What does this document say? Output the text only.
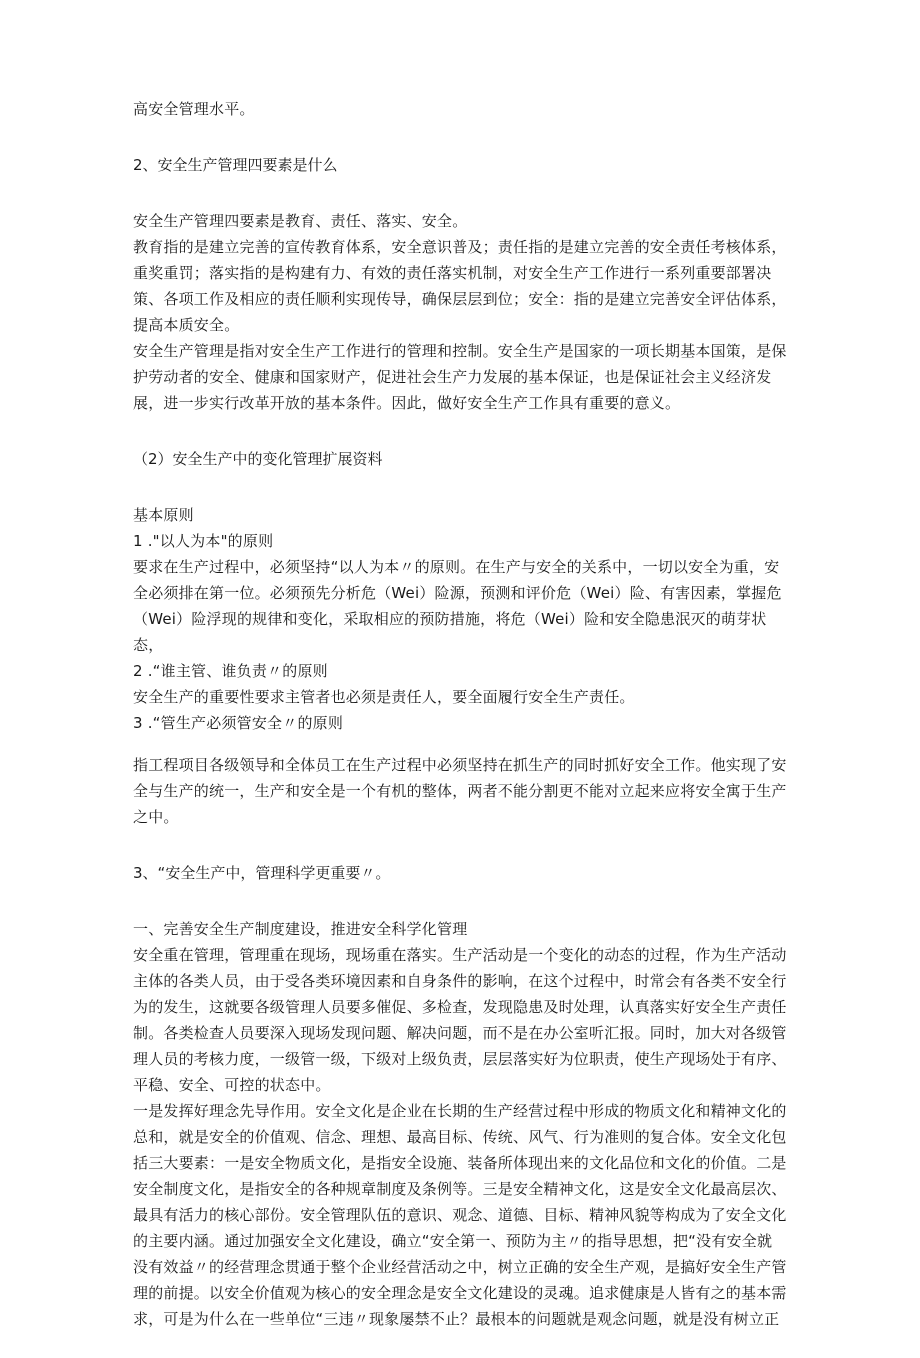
高安全管理水平。
2、安全生产管理四要素是什么
安全生产管理四要素是教育、责任、落实、安全。
教育指的是建立完善的宣传教育体系，安全意识普及；责任指的是建立完善的安全责任考核体系，
重奖重罚；落实指的是构建有力、有效的责任落实机制，对安全生产工作进行一系列重要部署决
策、各项工作及相应的责任顺利实现传导，确保层层到位；安全：指的是建立完善安全评估体系，
提高本质安全。
安全生产管理是指对安全生产工作进行的管理和控制。安全生产是国家的一项长期基本国策，是保
护劳动者的安全、健康和国家财产，促进社会生产力发展的基本保证，也是保证社会主义经济发
展，进一步实行改革开放的基本条件。因此，做好安全生产工作具有重要的意义。
（2）安全生产中的变化管理扩展资料
基本原则
1 ."以人为本"的原则
要求在生产过程中，必须坚持“以人为本〃的原则。在生产与安全的关系中，一切以安全为重，安
全必须排在第一位。必须预先分析危（Wei）险源，预测和评价危（Wei）险、有害因素，掌握危
（Wei）险浮现的规律和变化，采取相应的预防措施，将危（Wei）险和安全隐患泯灭的萌芽状
态，
2 .“谁主管、谁负责〃的原则
安全生产的重要性要求主管者也必须是责任人，要全面履行安全生产责任。
3 .“管生产必须管安全〃的原则
指工程项目各级领导和全体员工在生产过程中必须坚持在抓生产的同时抓好安全工作。他实现了安
全与生产的统一，生产和安全是一个有机的整体，两者不能分割更不能对立起来应将安全寓于生产
之中。
3、“安全生产中，管理科学更重要〃。
一、完善安全生产制度建设，推进安全科学化管理
安全重在管理，管理重在现场，现场重在落实。生产活动是一个变化的动态的过程，作为生产活动
主体的各类人员，由于受各类环境因素和自身条件的影响，在这个过程中，时常会有各类不安全行
为的发生，这就要各级管理人员要多催促、多检查，发现隐患及时处理，认真落实好安全生产责任
制。各类检查人员要深入现场发现问题、解决问题，而不是在办公室听汇报。同时，加大对各级管
理人员的考核力度，一级管一级，下级对上级负责，层层落实好为位职责，使生产现场处于有序、
平稳、安全、可控的状态中。
一是发挥好理念先导作用。安全文化是企业在长期的生产经营过程中形成的物质文化和精神文化的
总和，就是安全的价值观、信念、理想、最高目标、传统、风气、行为准则的复合体。安全文化包
括三大要素：一是安全物质文化，是指安全设施、装备所体现出来的文化品位和文化的价值。二是
安全制度文化，是指安全的各种规章制度及条例等。三是安全精神文化，这是安全文化最高层次、
最具有活力的核心部份。安全管理队伍的意识、观念、道德、目标、精神风貌等构成为了安全文化
的主要内涵。通过加强安全文化建设，确立“安全第一、预防为主〃的指导思想，把“没有安全就
没有效益〃的经营理念贯通于整个企业经营活动之中，树立正确的安全生产观，是搞好安全生产管
理的前提。以安全价值观为核心的安全理念是安全文化建设的灵魂。追求健康是人皆有之的基本需
求，可是为什么在一些单位“三违〃现象屡禁不止？最根本的问题就是观念问题，就是没有树立正
